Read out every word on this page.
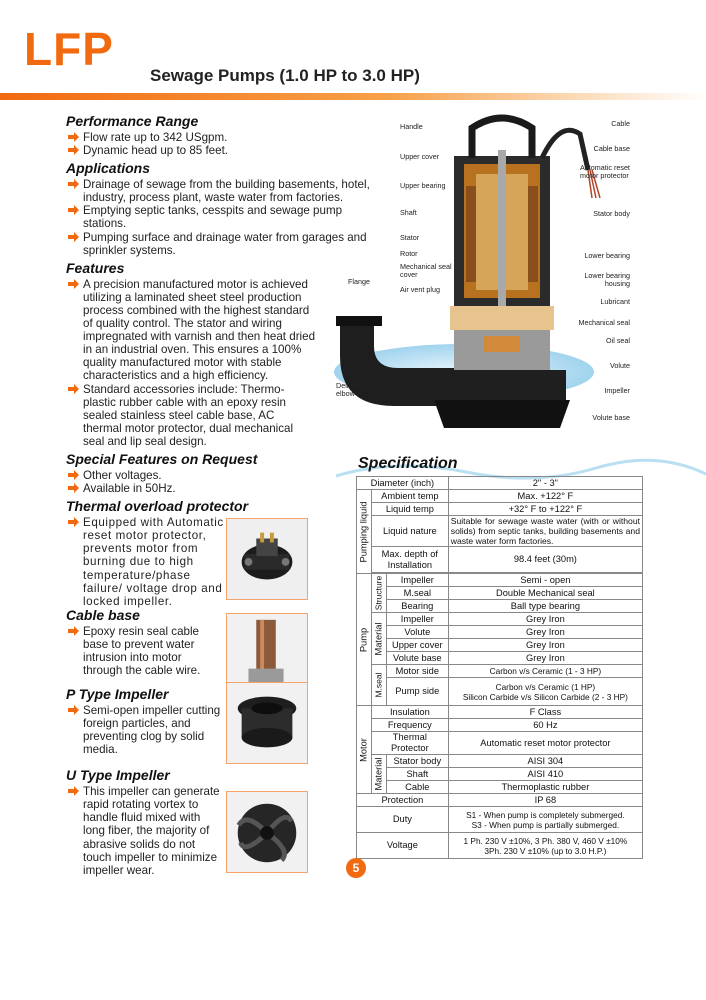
LFP
Sewage Pumps (1.0 HP to 3.0 HP)
Performance Range
Flow rate up to 342 USgpm.
Dynamic head up to 85 feet.
Applications
Drainage of sewage from the building basements, hotel, industry, process plant, waste water from factories.
Emptying septic tanks, cesspits and sewage pump stations.
Pumping surface and drainage water from garages and sprinkler systems.
Features
A precision manufactured motor is achieved utilizing a laminated sheet steel production process combined with the highest standard of quality control. The stator and wiring impregnated with varnish and then heat dried in an industrial oven. This ensures a 100% quality manufactured motor with stable characteristics and a high efficiency.
Standard accessories include: Thermo-plastic rubber cable with an epoxy resin sealed stainless steel cable base, AC thermal motor protector, dual mechanical seal and lip seal design.
Special Features on Request
Other voltages.
Available in 50Hz.
Thermal overload protector
Equipped with Automatic reset motor protector, prevents motor from burning due to high temperature/phase failure/ voltage drop and locked impeller.
Cable base
Epoxy resin seal cable base to prevent water intrusion into motor through the cable wire.
P Type Impeller
Semi-open impeller cutting foreign particles, and preventing clog by solid media.
U Type Impeller
This impeller can generate rapid rotating vortex to handle fluid mixed with long fiber, the majority of abrasive solids do not touch impeller to minimize impeller wear.
Handle
Upper cover
Upper bearing
Shaft
Stator
Rotor
Mechanical seal cover
Air vent plug
Flange
Delivery elbow
Cable
Cable base
Automatic reset motor protector
Stator body
Lower bearing
Lower bearing housing
Lubricant
Mechanical seal
Oil seal
Volute
Impeller
Volute base
Specification
Diameter (inch)			2" - 3"

Pumping liquid	Ambient temp		Max. +122° F
	Liquid temp		+32° F to +122° F
	Liquid nature		Suitable for sewage waste water (with or without solids) from septic tanks, building basements and waste water form factories.
	Max. depth of Installation		98.4 feet (30m)

Pump	Structure	Impeller	Semi - open
		M.seal	Double Mechanical seal
		Bearing	Ball type bearing

	Material	Impeller	Grey Iron
		Volute	Grey Iron
		Upper cover	Grey Iron
		Volute base	Grey Iron

	M.seal	Motor side	Carbon v/s Ceramic (1 - 3 HP)
		Pump side	Carbon v/s Ceramic (1 HP)
Silicon Carbide v/s Silicon Carbide (2 - 3 HP)

Motor	Insulation		F Class
	Frequency		60 Hz
	Thermal Protector		Automatic reset motor protector

	Material	Stator body	AISI 304
		Shaft	AISI 410
		Cable	Thermoplastic rubber
Protection			IP 68
Duty			S1 - When pump is completely submerged.
S3 - When pump is partially submerged.

Voltage			1 Ph. 230 V ±10%, 3 Ph. 380 V, 460 V ±10%
3Ph. 230 V ±10% (up to 3.0 H.P.)
5
